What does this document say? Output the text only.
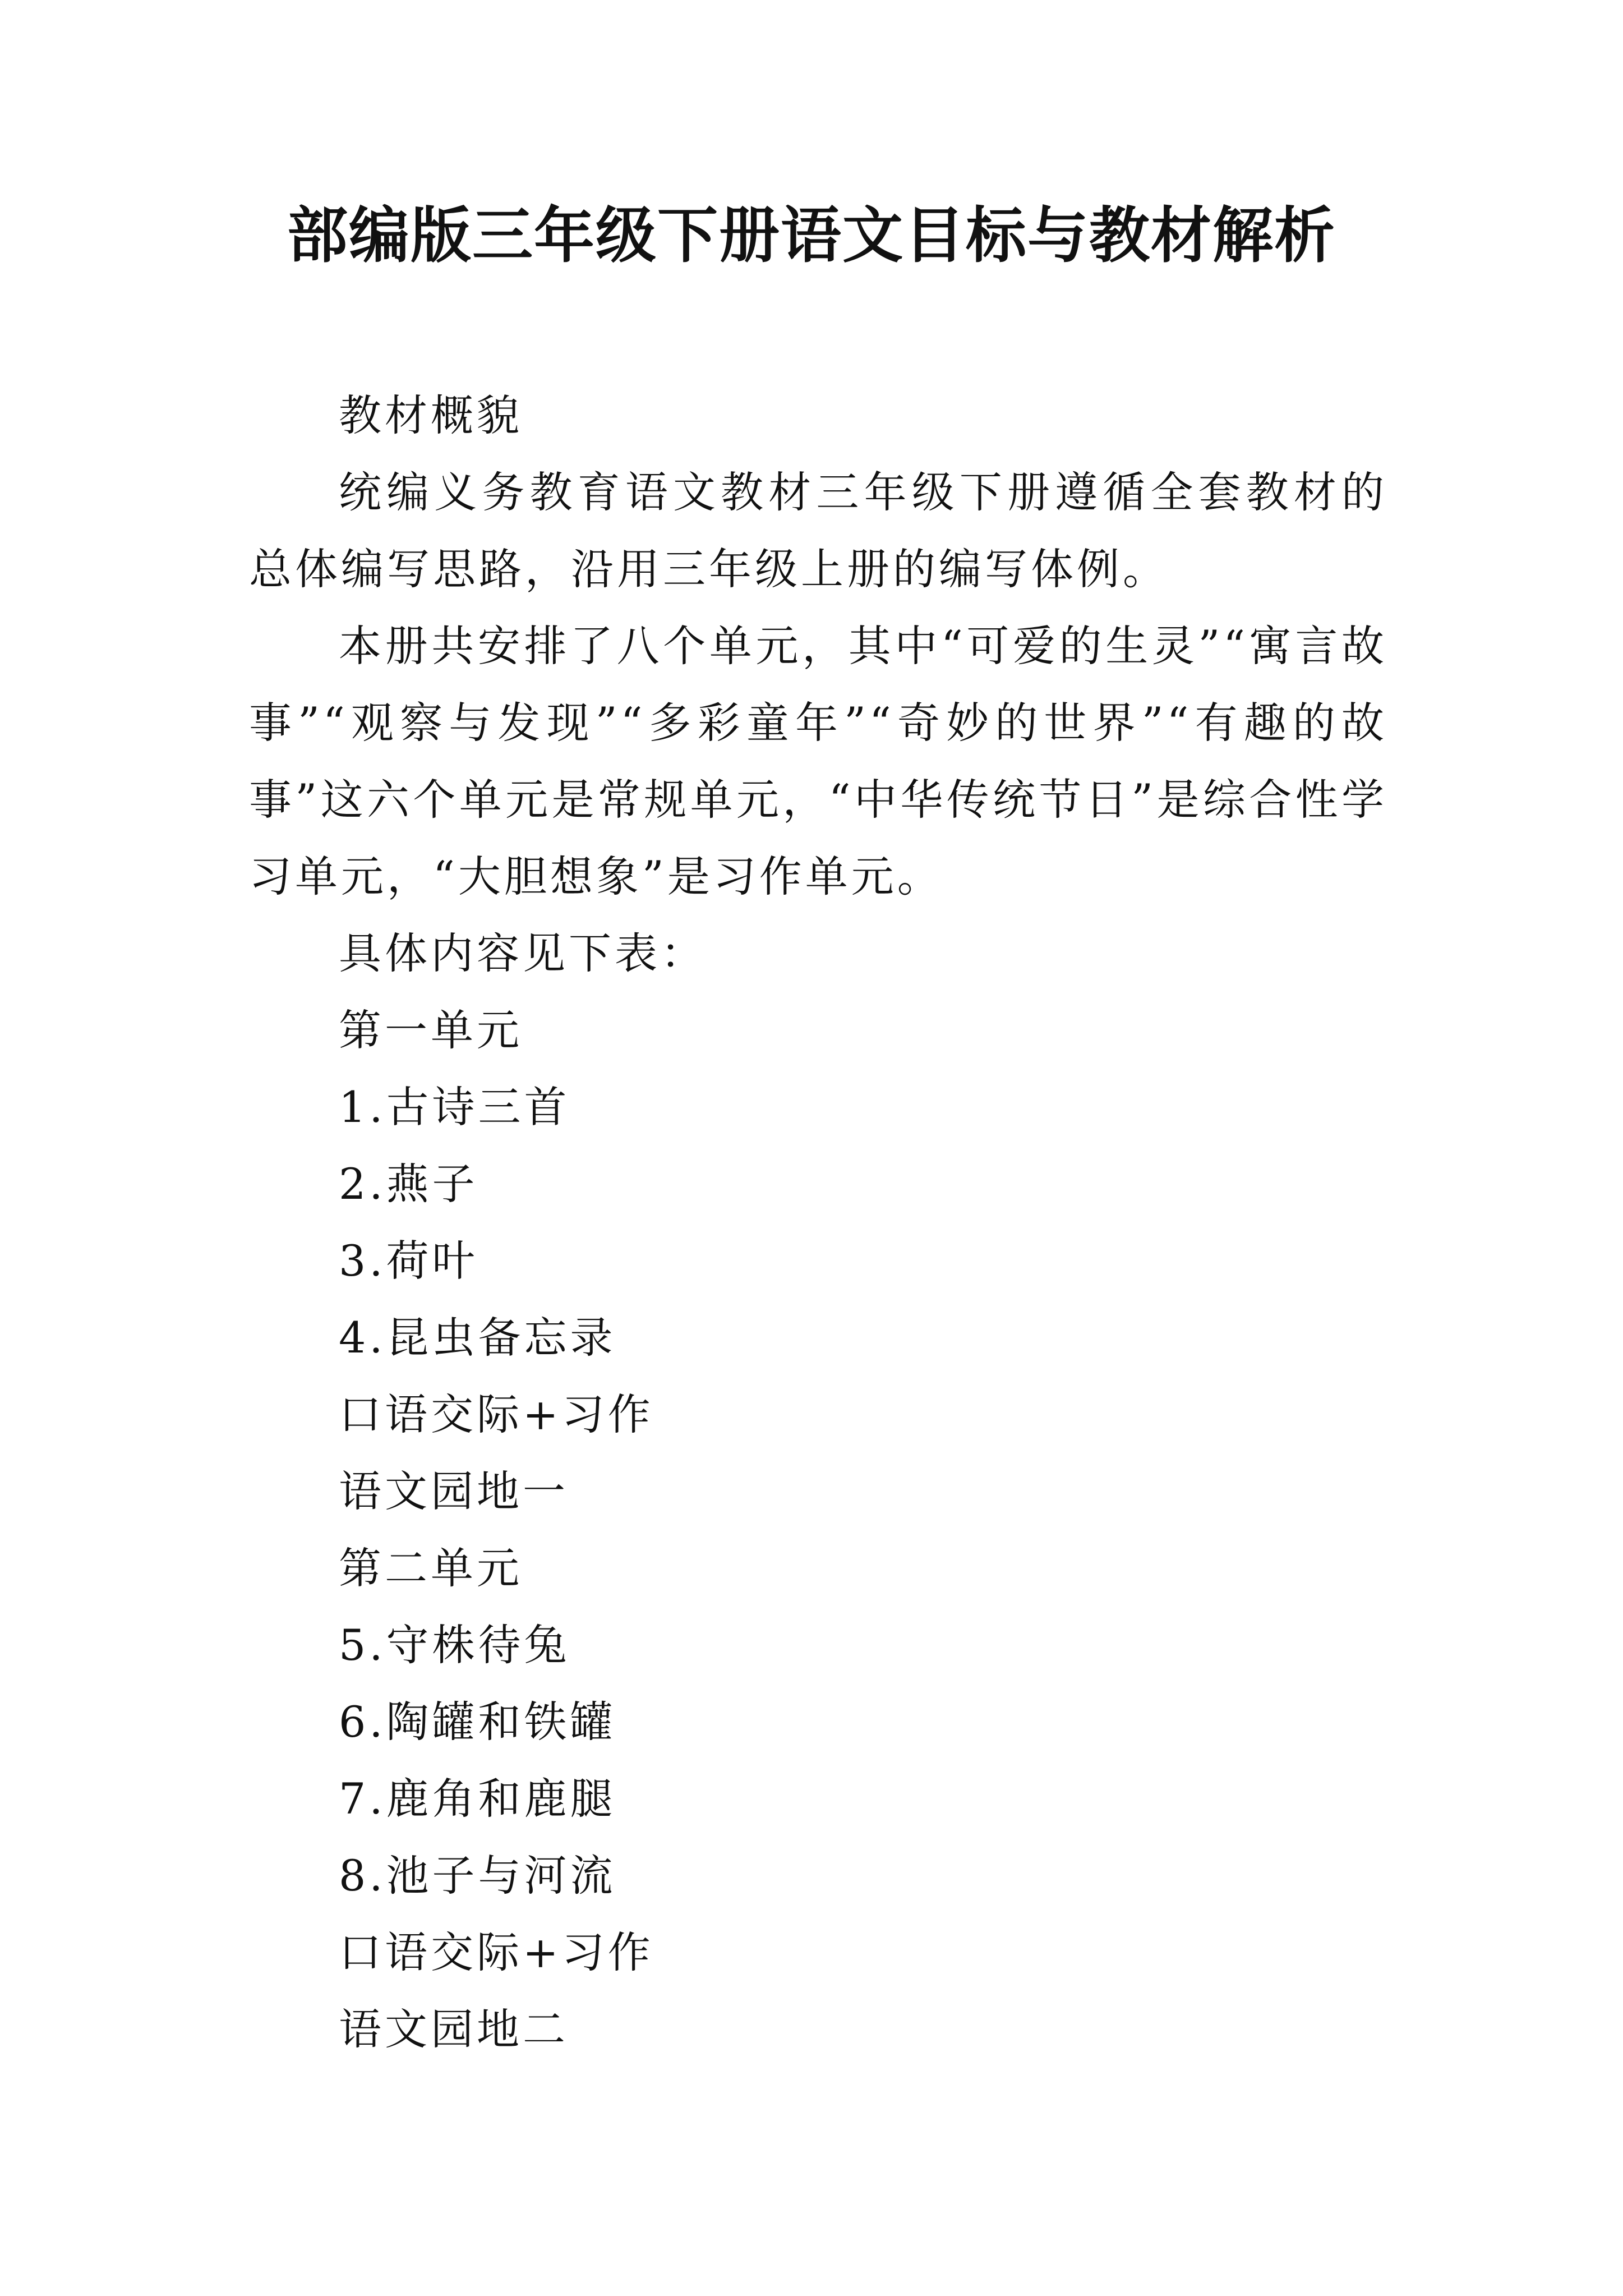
部编版三年级下册语文目标与教材解析

教材概貌

统编义务教育语文教材三年级下册遵循全套教材的总体编写思路，沿用三年级上册的编写体例。

本册共安排了八个单元，其中“可爱的生灵”“寓言故事”“观察与发现”“多彩童年”“奇妙的世界”“有趣的故事”这六个单元是常规单元，“中华传统节日”是综合性学习单元，“大胆想象”是习作单元。

具体内容见下表：

第一单元

1.古诗三首

2.燕子

3.荷叶

4.昆虫备忘录

口语交际+习作

语文园地一

第二单元

5.守株待兔

6.陶罐和铁罐

7.鹿角和鹿腿

8.池子与河流

口语交际+习作

语文园地二
